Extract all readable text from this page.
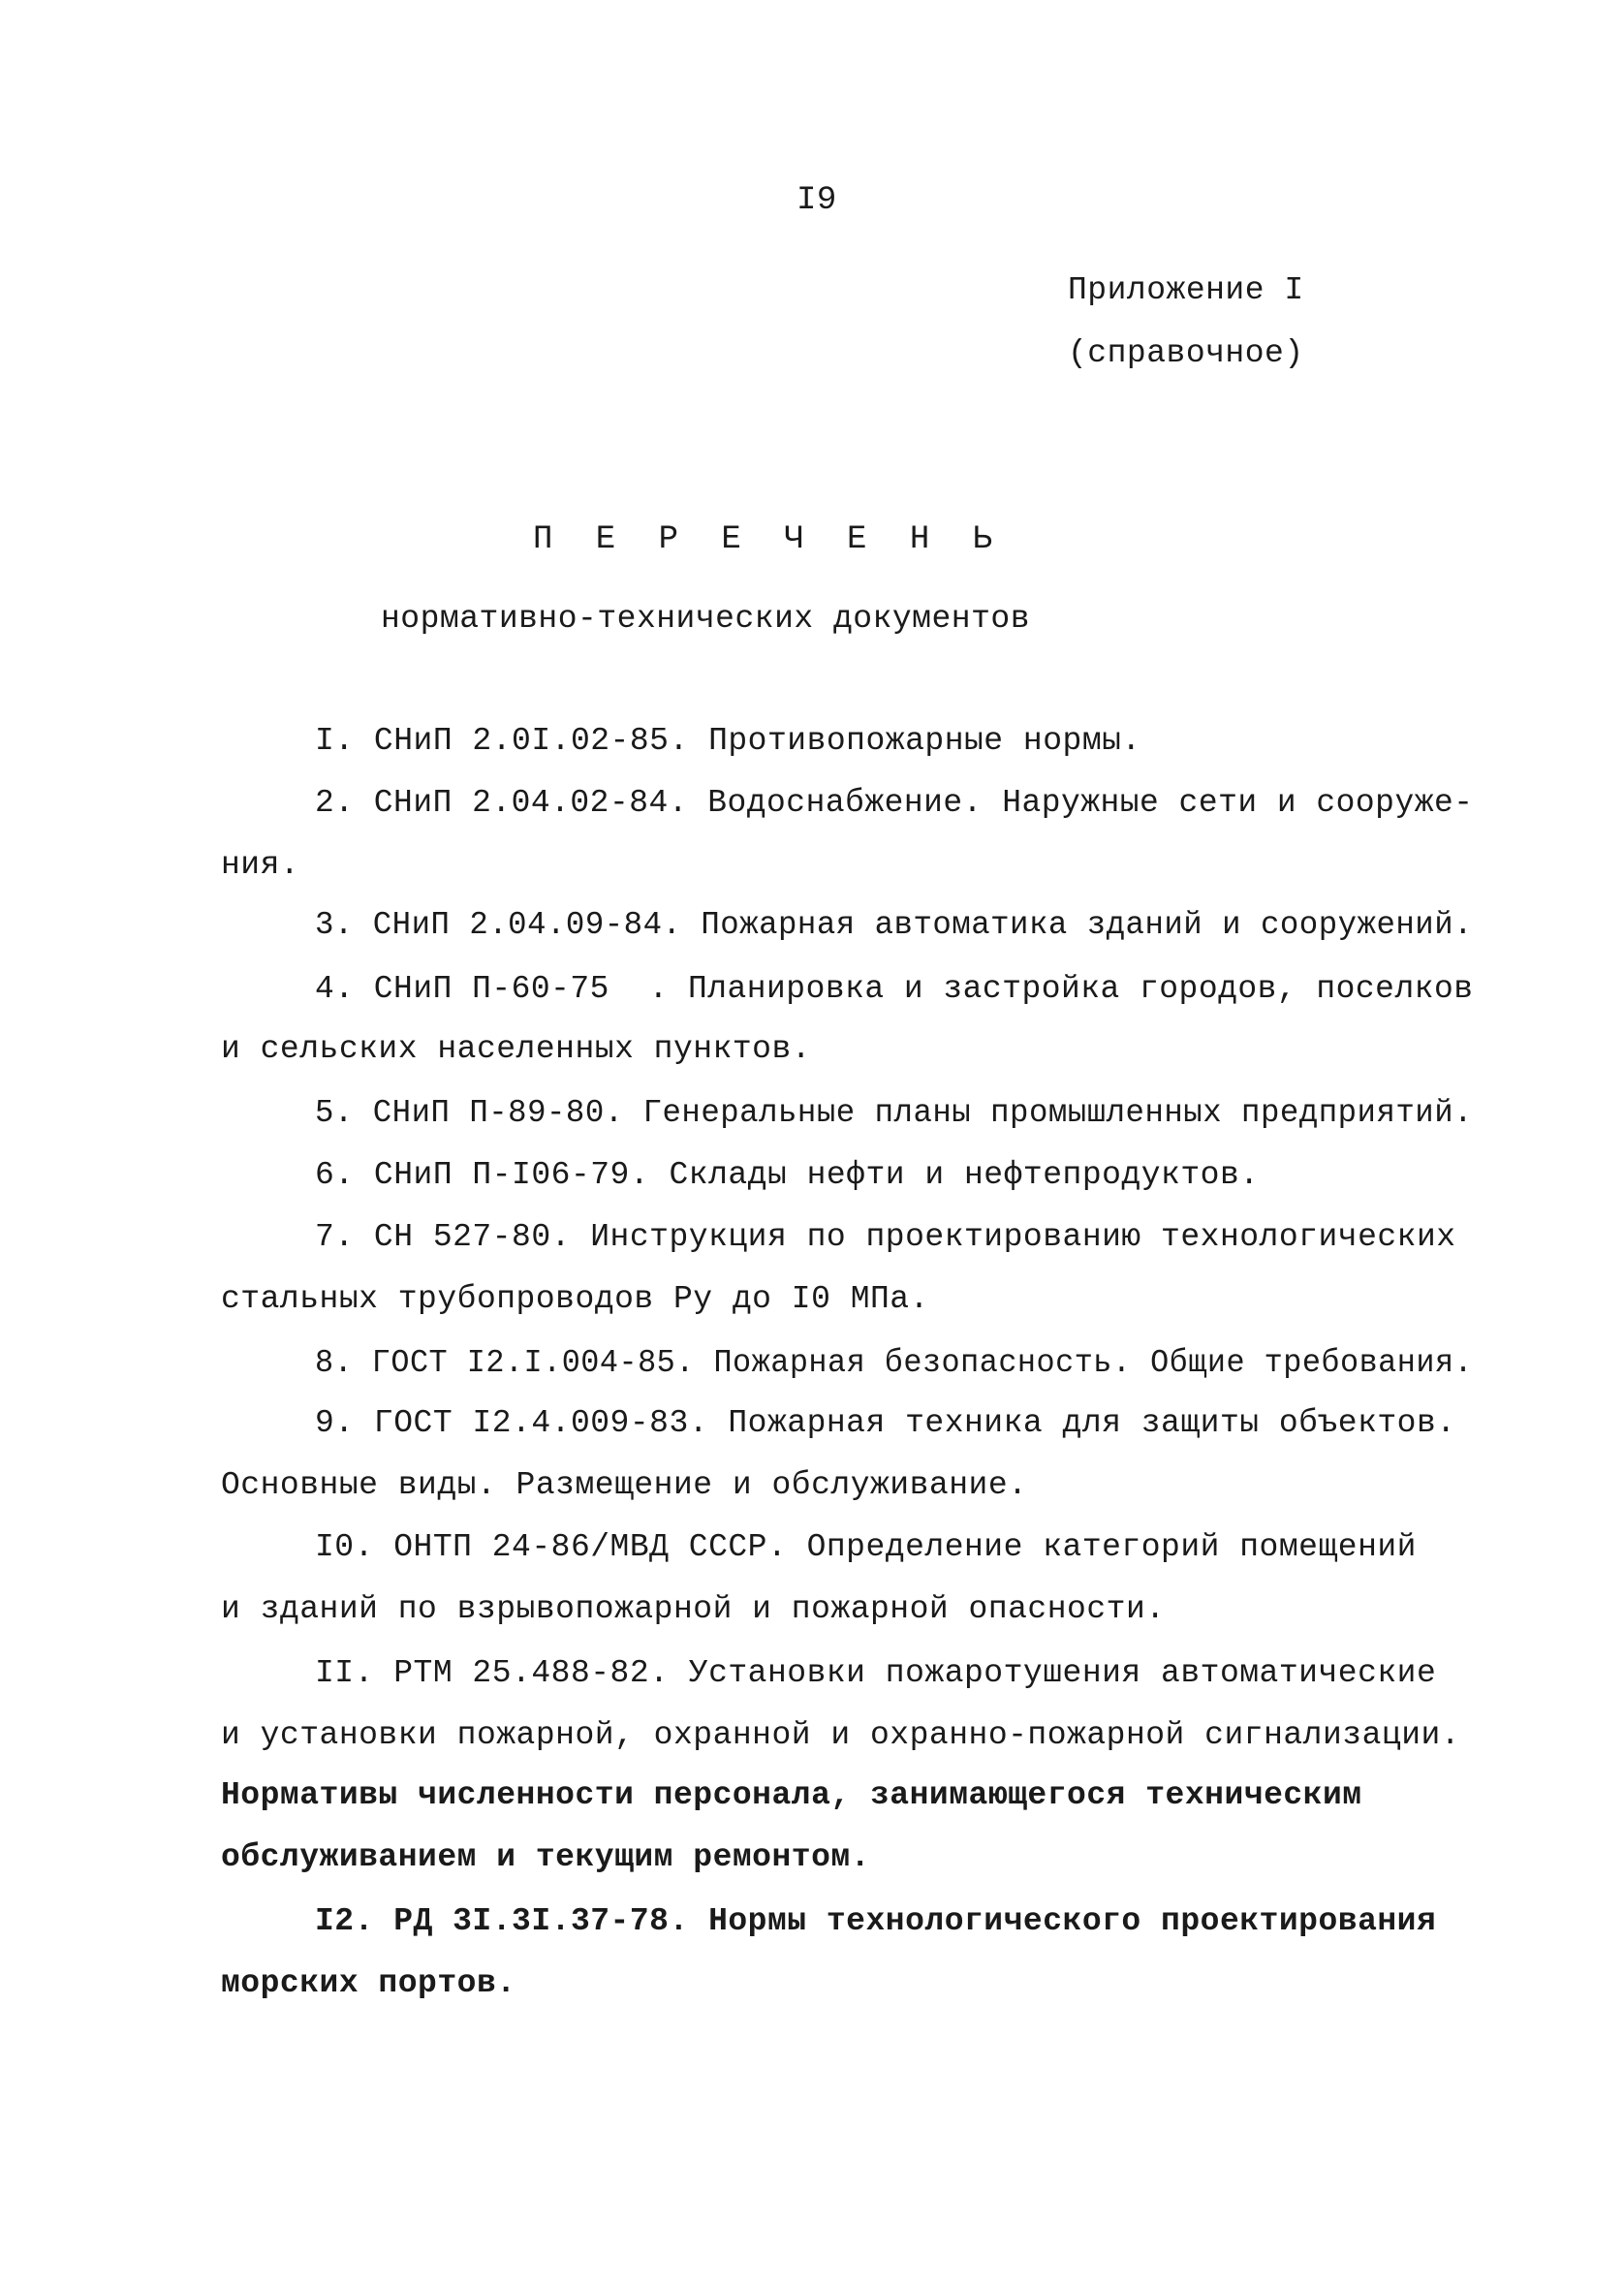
I9
Приложение I
(справочное)
П Е Р Е Ч Е Н Ь
нормативно-технических документов
I. СНиП 2.0I.02-85. Противопожарные нормы.
2. СНиП 2.04.02-84. Водоснабжение. Наружные сети и сооруже-
ния.
3. СНиП 2.04.09-84. Пожарная автоматика зданий и сооружений.
4. СНиП П-60-75  . Планировка и застройка городов, поселков
и сельских населенных пунктов.
5. СНиП П-89-80. Генеральные планы промышленных предприятий.
6. СНиП П-I06-79. Склады нефти и нефтепродуктов.
7. СН 527-80. Инструкция по проектированию технологических
стальных трубопроводов Ру до I0 МПа.
8. ГОСТ I2.I.004-85. Пожарная безопасность. Общие требования.
9. ГОСТ I2.4.009-83. Пожарная техника для защиты объектов.
Основные виды. Размещение и обслуживание.
I0. ОНТП 24-86/МВД СССР. Определение категорий помещений
и зданий по взрывопожарной и пожарной опасности.
II. РТМ 25.488-82. Установки пожаротушения автоматические
и установки пожарной, охранной и охранно-пожарной сигнализации.
Нормативы численности персонала, занимающегося техническим
обслуживанием и текущим ремонтом.
I2. РД 3I.3I.37-78. Нормы технологического проектирования
морских портов.
